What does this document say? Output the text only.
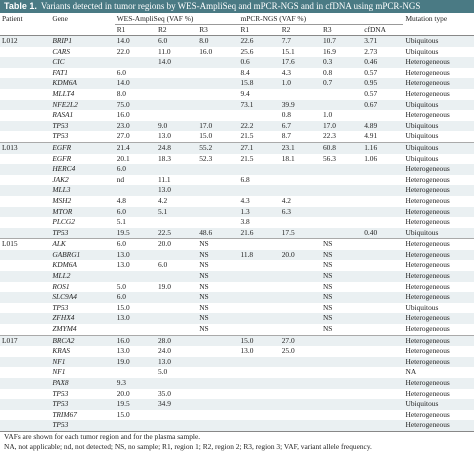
Table 1. Variants detected in tumor regions by WES-AmpliSeq and mPCR-NGS and in cfDNA using mPCR-NGS
Patient	Gene	WES-AmpliSeq (VAF %)			mPCR-NGS (VAF %)				Mutation type
		R1	R2	R3	R1	R2	R3	cfDNA	
L012	BRIP1	14.0	6.0	8.0	22.6	7.7	10.7	3.71	Ubiquitous
	CARS	22.0	11.0	16.0	25.6	15.1	16.9	2.73	Ubiquitous
	CIC		14.0		0.6	17.6	0.3	0.46	Heterogeneous
	FAT1	6.0			8.4	4.3	0.8	0.57	Heterogeneous
	KDM6A	14.0			15.8	1.0	0.7	0.95	Heterogeneous
	MLLT4	8.0			9.4			0.57	Heterogeneous
	NFE2L2	75.0			73.1	39.9		0.67	Ubiquitous
	RASA1	16.0				0.8	1.0		Heterogeneous
	TP53	23.0	9.0	17.0	22.2	6.7	17.0	4.89	Ubiquitous
	TP53	27.0	13.0	15.0	21.5	8.7	22.3	4.91	Ubiquitous
L013	EGFR	21.4	24.8	55.2	27.1	23.1	60.8	1.16	Ubiquitous
	EGFR	20.1	18.3	52.3	21.5	18.1	56.3	1.06	Ubiquitous
	HERC4	6.0							Heterogeneous
	JAK2	nd	11.1		6.8				Heterogeneous
	MLL3		13.0						Heterogeneous
	MSH2	4.8	4.2		4.3	4.2			Heterogeneous
	MTOR	6.0	5.1		1.3	6.3			Heterogeneous
	PLCG2	5.1			3.8				Heterogeneous
	TP53	19.5	22.5	48.6	21.6	17.5		0.40	Ubiquitous
L015	ALK	6.0	20.0	NS			NS		Heterogeneous
	GABRG1	13.0		NS	11.8	20.0	NS		Heterogeneous
	KDM6A	13.0	6.0	NS			NS		Heterogeneous
	MLL2			NS			NS		Heterogeneous
	ROS1	5.0	19.0	NS			NS		Heterogeneous
	SLC9A4	6.0		NS			NS		Heterogeneous
	TP53	15.0		NS			NS		Ubiquitous
	ZFHX4	13.0		NS			NS		Heterogeneous
	ZMYM4			NS			NS		Heterogeneous
L017	BRCA2	16.0	28.0		15.0	27.0			Heterogeneous
	KRAS	13.0	24.0		13.0	25.0			Heterogeneous
	NF1	19.0	13.0						Heterogeneous
	NF1		5.0						NA
	PAX8	9.3							Heterogeneous
	TP53	20.0	35.0						Heterogeneous
	TP53	19.5	34.9						Ubiquitous
	TRIM67	15.0							Heterogeneous
	TP53								Heterogeneous
VAFs are shown for each tumor region and for the plasma sample.
NA, not applicable; nd, not detected; NS, no sample; R1, region 1; R2, region 2; R3, region 3; VAF, variant allele frequency.
